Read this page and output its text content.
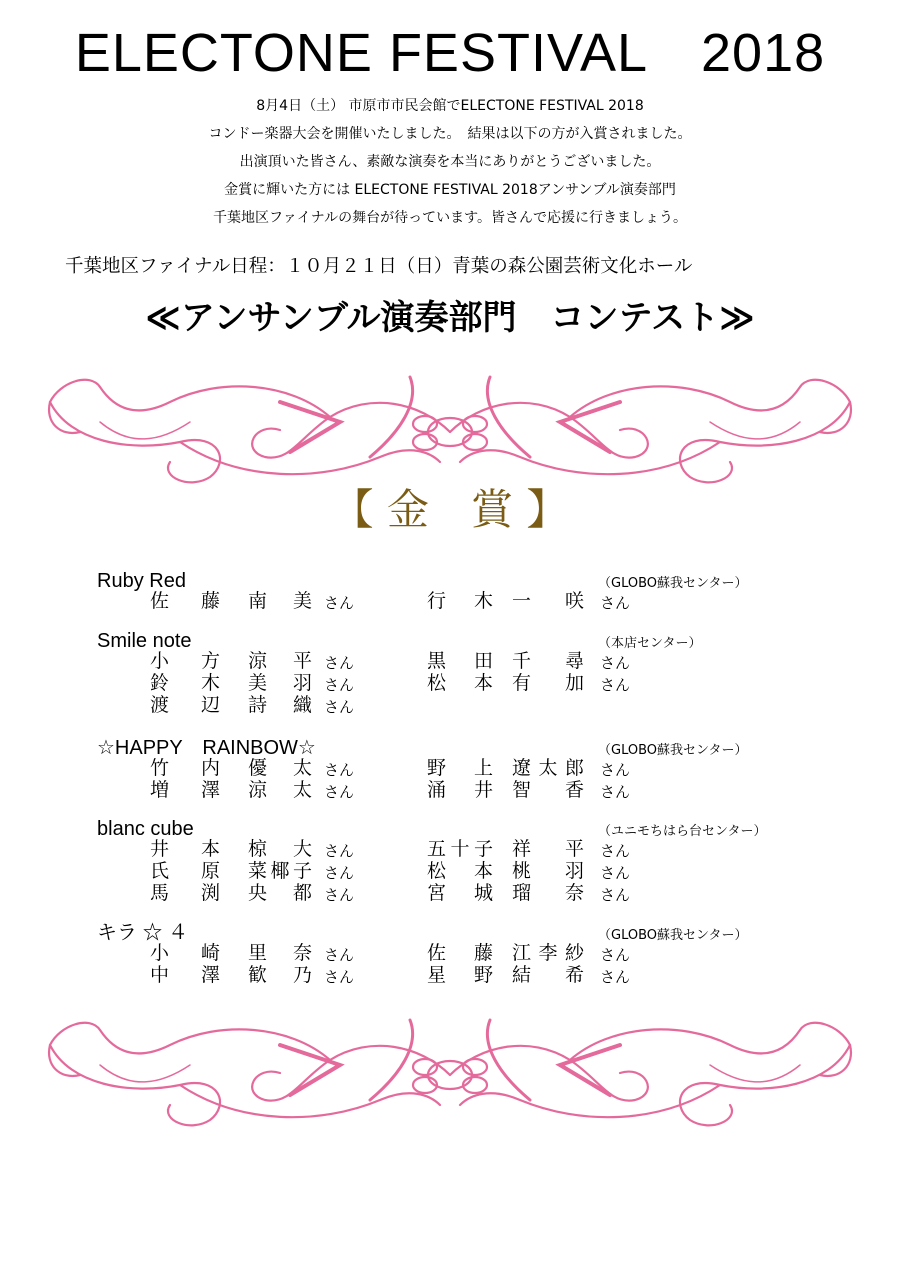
ELECTONE FESTIVAL　2018
8月4日（土） 市原市市民会館でELECTONE FESTIVAL 2018
コンドー楽器大会を開催いたしました。　結果は以下の方が入賞されました。
出演頂いた皆さん、素敵な演奏を本当にありがとうございました。
金賞に輝いた方には ELECTONE FESTIVAL 2018アンサンブル演奏部門
千葉地区ファイナルの舞台が待っています。皆さんで応援に行きましょう。
千葉地区ファイナル日程：１０月２１日（日）青葉の森公園芸術文化ホール
≪アンサンブル演奏部門　コンテスト≫
【 金　賞 】
Ruby Red	（GLOBO蘇我センター）
佐 藤 南 美 さん	行 木 一 咲 さん
Smile note	（本店センター）
小 方 涼 平 さん	黒 田 千 尋 さん
鈴 木 美 羽 さん	松 本 有 加 さん
渡 辺 詩 織 さん
☆HAPPY　RAINBOW☆	（GLOBO蘇我センター）
竹 内 優 太 さん	野 上 遼 太 郎 さん
増 澤 涼 太 さん	涌 井 智 香 さん
blanc cube	（ユニモちはら台センター）
井 本 椋 大 さん	五 十 子 祥 平 さん
氏 原 菜 椰 子 さん	松 本 桃 羽 さん
馬 渕 央 都 さん	宮 城 瑠 奈 さん
キラ ☆ ４	（GLOBO蘇我センター）
小 崎 里 奈 さん	佐 藤 江 李 紗 さん
中 澤 歓 乃 さん	星 野 結 希 さん
